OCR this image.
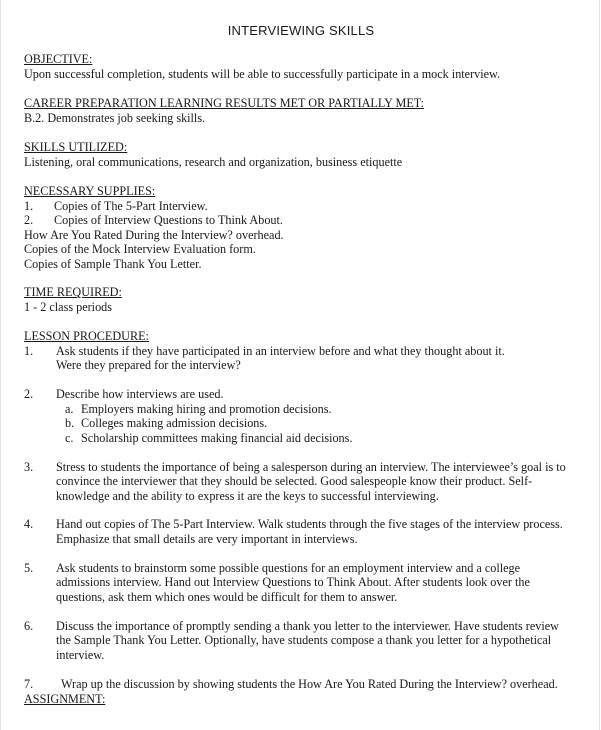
INTERVIEWING SKILLS
OBJECTIVE:
Upon successful completion, students will be able to successfully participate in a mock interview.
CAREER PREPARATION LEARNING RESULTS MET OR PARTIALLY MET:
B.2. Demonstrates job seeking skills.
SKILLS UTILIZED:
Listening, oral communications, research and organization, business etiquette
NECESSARY SUPPLIES:
1. Copies of The 5-Part Interview.
2. Copies of Interview Questions to Think About.
How Are You Rated During the Interview? overhead.
Copies of the Mock Interview Evaluation form.
Copies of Sample Thank You Letter.
TIME REQUIRED:
1 - 2 class periods
LESSON PROCEDURE:
1. Ask students if they have participated in an interview before and what they thought about it.
Were they prepared for the interview?
2. Describe how interviews are used.
a. Employers making hiring and promotion decisions.
b. Colleges making admission decisions.
c. Scholarship committees making financial aid decisions.
3. Stress to students the importance of being a salesperson during an interview. The interviewee’s goal is to
convince the interviewer that they should be selected. Good salespeople know their product. Self-
knowledge and the ability to express it are the keys to successful interviewing.
4. Hand out copies of The 5-Part Interview. Walk students through the five stages of the interview process.
Emphasize that small details are very important in interviews.
5. Ask students to brainstorm some possible questions for an employment interview and a college
admissions interview. Hand out Interview Questions to Think About. After students look over the
questions, ask them which ones would be difficult for them to answer.
6. Discuss the importance of promptly sending a thank you letter to the interviewer. Have students review
the Sample Thank You Letter. Optionally, have students compose a thank you letter for a hypothetical
interview.
7. Wrap up the discussion by showing students the How Are You Rated During the Interview? overhead.
ASSIGNMENT:
